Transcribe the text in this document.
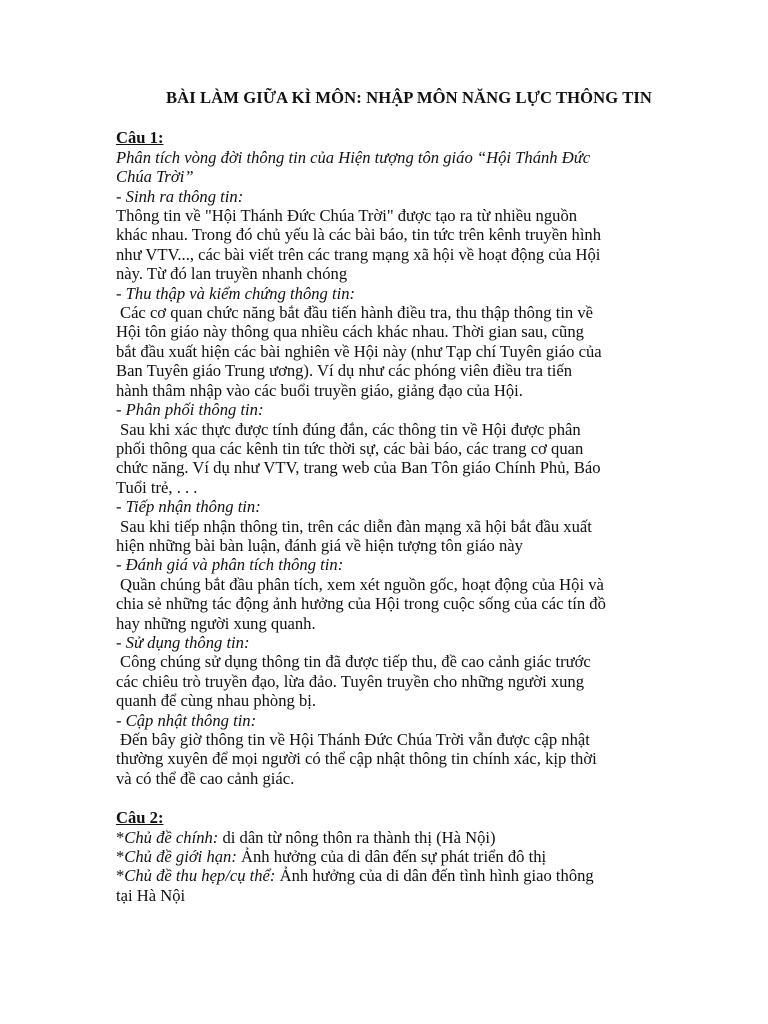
BÀI LÀM GIỮA KÌ MÔN: NHẬP MÔN NĂNG LỰC THÔNG TIN
Câu 1:
Phân tích vòng đời thông tin của Hiện tượng tôn giáo “Hội Thánh Đức
Chúa Trời”
- Sinh ra thông tin:
Thông tin về "Hội Thánh Đức Chúa Trời" được tạo ra từ nhiều nguồn
khác nhau. Trong đó chủ yếu là các bài báo, tin tức trên kênh truyền hình
như VTV..., các bài viết trên các trang mạng xã hội về hoạt động của Hội
này. Từ đó lan truyền nhanh chóng
- Thu thập và kiểm chứng thông tin:
Các cơ quan chức năng bắt đầu tiến hành điều tra, thu thập thông tin về
Hội tôn giáo này thông qua nhiều cách khác nhau. Thời gian sau, cũng
bắt đầu xuất hiện các bài nghiên về Hội này (như Tạp chí Tuyên giáo của
Ban Tuyên giáo Trung ương). Ví dụ như các phóng viên điều tra tiến
hành thâm nhập vào các buổi truyền giáo, giảng đạo của Hội.
- Phân phối thông tin:
Sau khi xác thực được tính đúng đắn, các thông tin về Hội được phân
phối thông qua các kênh tin tức thời sự, các bài báo, các trang cơ quan
chức năng. Ví dụ như VTV, trang web của Ban Tôn giáo Chính Phủ, Báo
Tuổi trẻ, . . .
- Tiếp nhận thông tin:
Sau khi tiếp nhận thông tin, trên các diễn đàn mạng xã hội bắt đầu xuất
hiện những bài bàn luận, đánh giá về hiện tượng tôn giáo này
- Đánh giá và phân tích thông tin:
Quần chúng bắt đầu phân tích, xem xét nguồn gốc, hoạt động của Hội và
chia sẻ những tác động ảnh hưởng của Hội trong cuộc sống của các tín đồ
hay những người xung quanh.
- Sử dụng thông tin:
Công chúng sử dụng thông tin đã được tiếp thu, đề cao cảnh giác trước
các chiêu trò truyền đạo, lừa đảo. Tuyên truyền cho những người xung
quanh để cùng nhau phòng bị.
- Cập nhật thông tin:
Đến bây giờ thông tin về Hội Thánh Đức Chúa Trời vẫn được cập nhật
thường xuyên để mọi người có thể cập nhật thông tin chính xác, kịp thời
và có thể đề cao cảnh giác.
Câu 2:
*Chủ đề chính: di dân từ nông thôn ra thành thị (Hà Nội)
*Chủ đề giới hạn: Ảnh hưởng của di dân đến sự phát triển đô thị
*Chủ đề thu hẹp/cụ thể: Ảnh hưởng của di dân đến tình hình giao thông
tại Hà Nội
